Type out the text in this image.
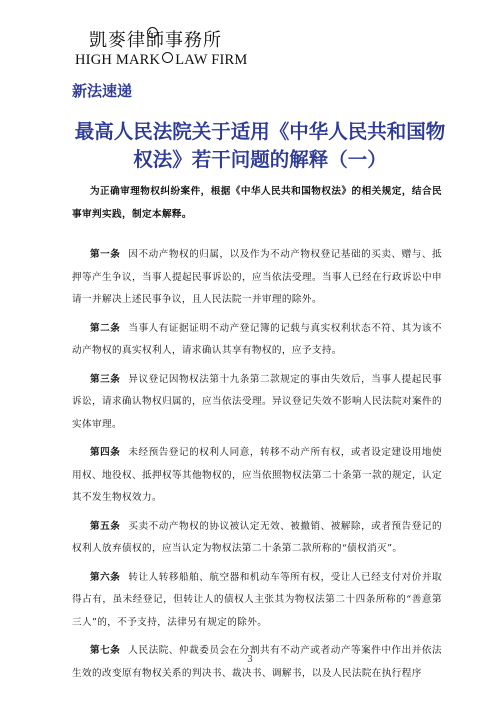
凱麥律師事務所
HIGH MARK LAW FIRM
新法速递
最高人民法院关于适用《中华人民共和国物权法》若干问题的解释（一）

为正确审理物权纠纷案件，根据《中华人民共和国物权法》的相关规定，结合民事审判实践，制定本解释。

第一条 因不动产物权的归属，以及作为不动产物权登记基础的买卖、赠与、抵押等产生争议，当事人提起民事诉讼的，应当依法受理。当事人已经在行政诉讼中申请一并解决上述民事争议，且人民法院一并审理的除外。

第二条 当事人有证据证明不动产登记簿的记载与真实权利状态不符、其为该不动产物权的真实权利人，请求确认其享有物权的，应予支持。

第三条 异议登记因物权法第十九条第二款规定的事由失效后，当事人提起民事诉讼，请求确认物权归属的，应当依法受理。异议登记失效不影响人民法院对案件的实体审理。

第四条 未经预告登记的权利人同意，转移不动产所有权，或者设定建设用地使用权、地役权、抵押权等其他物权的，应当依照物权法第二十条第一款的规定，认定其不发生物权效力。

第五条 买卖不动产物权的协议被认定无效、被撤销、被解除，或者预告登记的权利人放弃债权的，应当认定为物权法第二十条第二款所称的“债权消灭”。

第六条 转让人转移船舶、航空器和机动车等所有权，受让人已经支付对价并取得占有，虽未经登记，但转让人的债权人主张其为物权法第二十四条所称的“善意第三人”的，不予支持，法律另有规定的除外。

第七条 人民法院、仲裁委员会在分割共有不动产或者动产等案件中作出并依法生效的改变原有物权关系的判决书、裁决书、调解书，以及人民法院在执行程序

3
